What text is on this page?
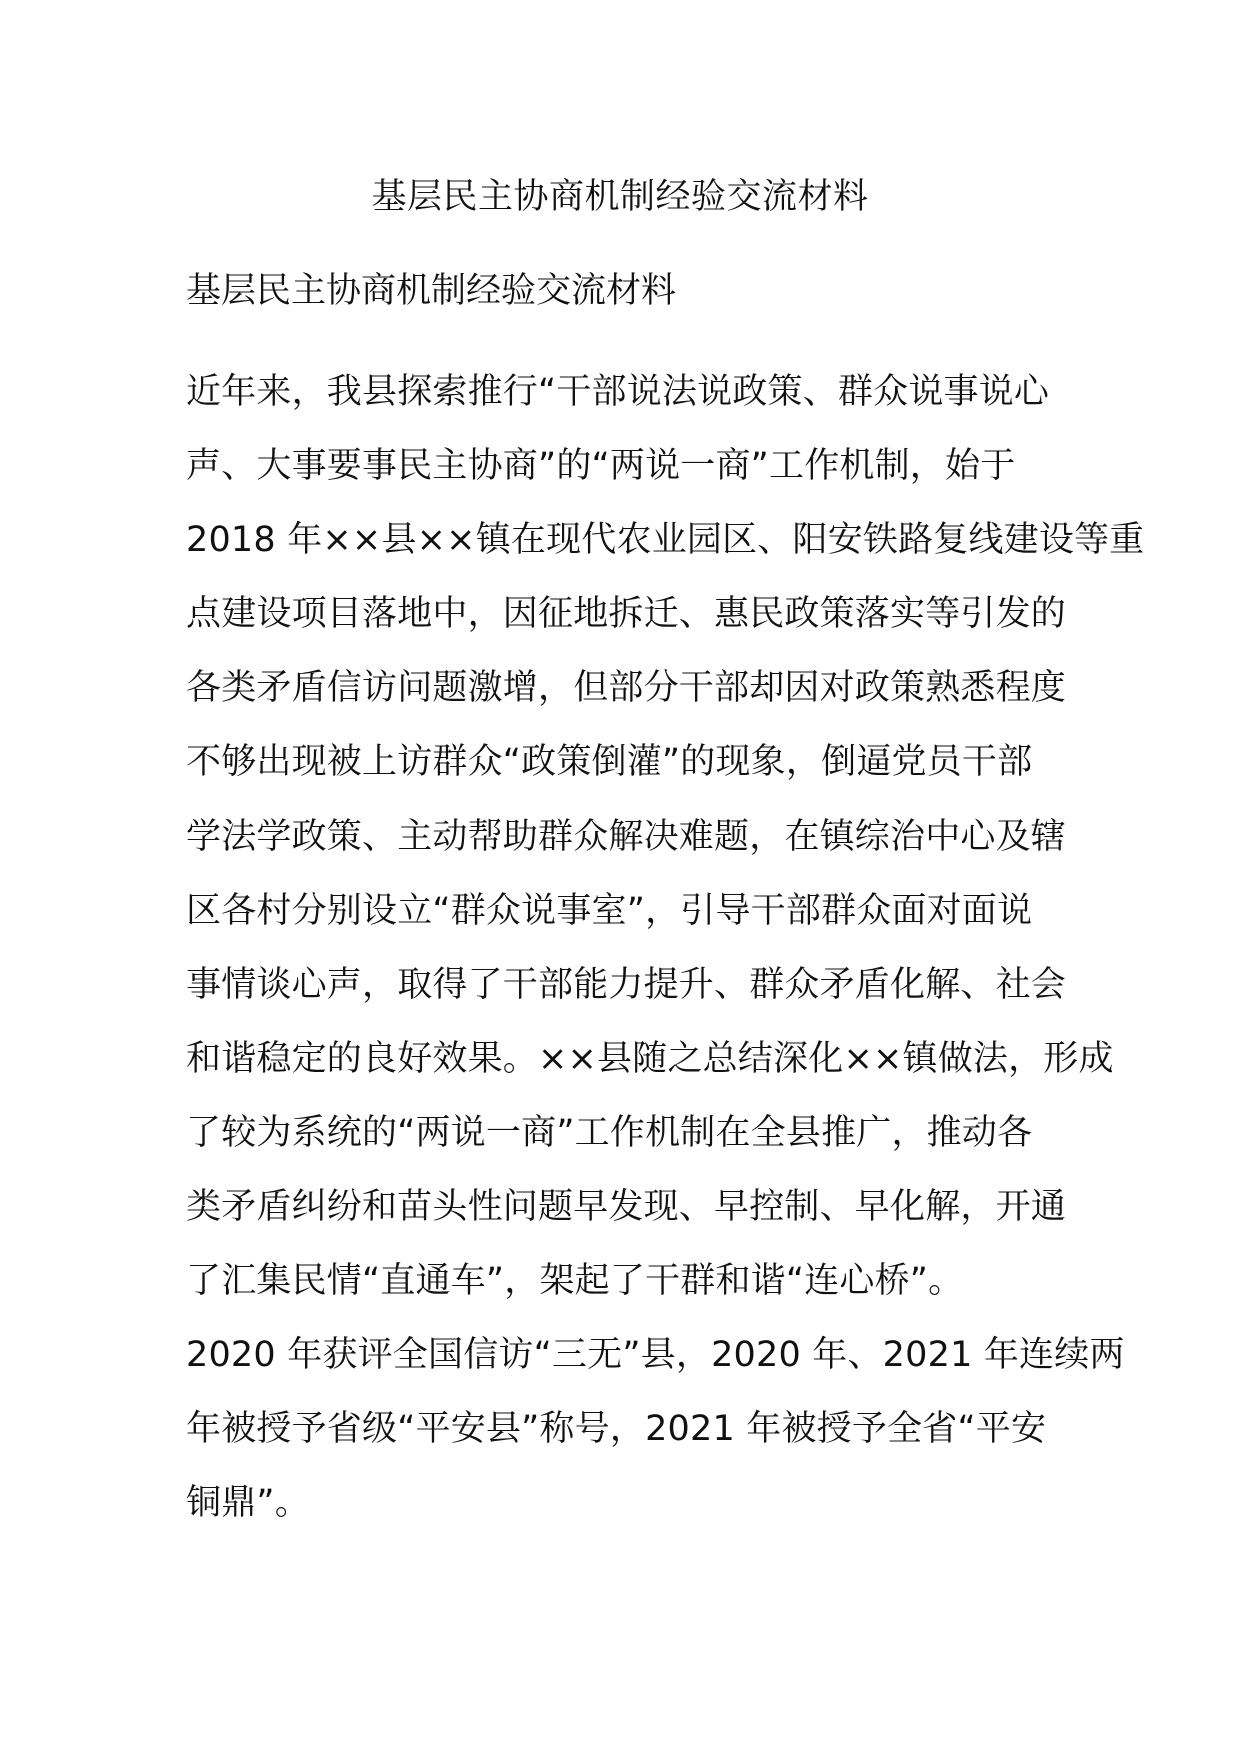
基层民主协商机制经验交流材料
基层民主协商机制经验交流材料
近年来，我县探索推行“干部说法说政策、群众说事说心
声、大事要事民主协商”的“两说一商”工作机制，始于
2018 年××县××镇在现代农业园区、阳安铁路复线建设等重
点建设项目落地中，因征地拆迁、惠民政策落实等引发的
各类矛盾信访问题激增，但部分干部却因对政策熟悉程度
不够出现被上访群众“政策倒灌”的现象，倒逼党员干部
学法学政策、主动帮助群众解决难题，在镇综治中心及辖
区各村分别设立“群众说事室”，引导干部群众面对面说
事情谈心声，取得了干部能力提升、群众矛盾化解、社会
和谐稳定的良好效果。××县随之总结深化××镇做法，形成
了较为系统的“两说一商”工作机制在全县推广，推动各
类矛盾纠纷和苗头性问题早发现、早控制、早化解，开通
了汇集民情“直通车”，架起了干群和谐“连心桥”。
2020 年获评全国信访“三无”县，2020 年、2021 年连续两
年被授予省级“平安县”称号，2021 年被授予全省“平安
铜鼎”。
